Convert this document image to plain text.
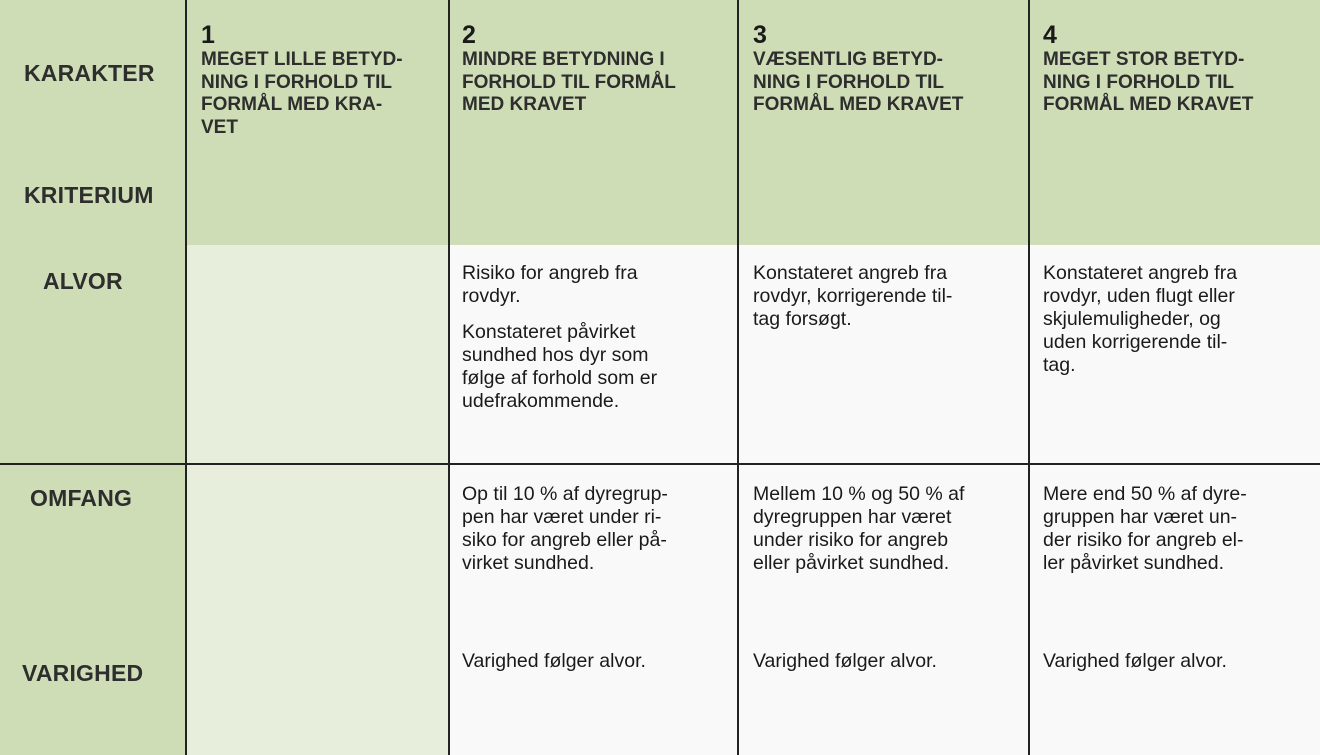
KARAKTER
KRITERIUM
ALVOR
OMFANG
VARIGHED
1
MEGET LILLE BETYD-
NING I FORHOLD TIL
FORMÅL MED KRA-
VET
2
MINDRE BETYDNING I
FORHOLD TIL FORMÅL
MED KRAVET
3
VÆSENTLIG BETYD-
NING I FORHOLD TIL
FORMÅL MED KRAVET
4
MEGET STOR BETYD-
NING I FORHOLD TIL
FORMÅL MED KRAVET

Risiko for angreb fra
rovdyr.

Konstateret påvirket
sundhed hos dyr som
følge af forhold som er
udefrakommende.

Konstateret angreb fra
rovdyr, korrigerende til-
tag forsøgt.

Konstateret angreb fra
rovdyr, uden flugt eller
skjulemuligheder, og
uden korrigerende til-
tag.

Op til 10 % af dyregrup-
pen har været under ri-
siko for angreb eller på-
virket sundhed.

Mellem 10 % og 50 % af
dyregruppen har været
under risiko for angreb
eller påvirket sundhed.

Mere end 50 % af dyre-
gruppen har været un-
der risiko for angreb el-
ler påvirket sundhed.

Varighed følger alvor.	Varighed følger alvor.	Varighed følger alvor.
